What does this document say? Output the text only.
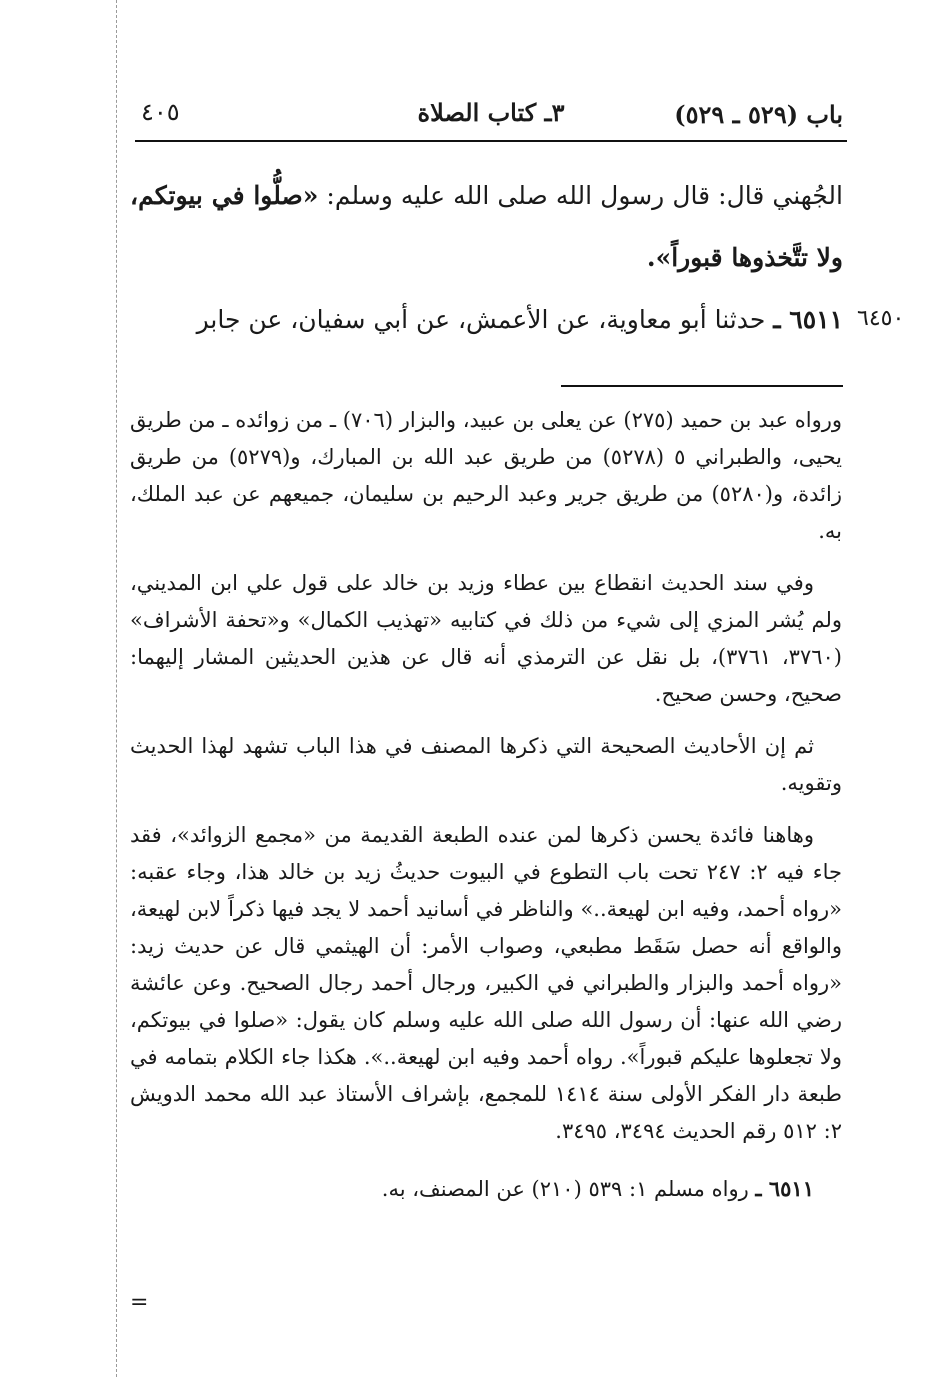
باب (٥٢٩ ـ ٥٢٩)
٣ـ كتاب الصلاة
٤٠٥

الجُهني قال: قال رسول الله صلى الله عليه وسلم: «صلُّوا في بيوتكم، ولا تتَّخذوها قبوراً».

٦٥١١ ـ حدثنا أبو معاوية، عن الأعمش، عن أبي سفيان، عن جابر	٦٤٥٠

ورواه عبد بن حميد (٢٧٥) عن يعلى بن عبيد، والبزار (٧٠٦) ـ من زوائده ـ من طريق يحيى، والطبراني ٥ (٥٢٧٨) من طريق عبد الله بن المبارك، و(٥٢٧٩) من طريق زائدة، و(٥٢٨٠) من طريق جرير وعبد الرحيم بن سليمان، جميعهم عن عبد الملك، به.

وفي سند الحديث انقطاع بين عطاء وزيد بن خالد على قول علي ابن المديني، ولم يُشر المزي إلى شيء من ذلك في كتابيه «تهذيب الكمال» و«تحفة الأشراف» (٣٧٦٠، ٣٧٦١)، بل نقل عن الترمذي أنه قال عن هذين الحديثين المشار إليهما: صحيح، وحسن صحيح.

ثم إن الأحاديث الصحيحة التي ذكرها المصنف في هذا الباب تشهد لهذا الحديث وتقويه.

وهاهنا فائدة يحسن ذكرها لمن عنده الطبعة القديمة من «مجمع الزوائد»، فقد جاء فيه ٢: ٢٤٧ تحت باب التطوع في البيوت حديثُ زيد بن خالد هذا، وجاء عقبه: «رواه أحمد، وفيه ابن لهيعة..» والناظر في أسانيد أحمد لا يجد فيها ذكراً لابن لهيعة، والواقع أنه حصل سَقَط مطبعي، وصواب الأمر: أن الهيثمي قال عن حديث زيد: «رواه أحمد والبزار والطبراني في الكبير، ورجال أحمد رجال الصحيح. وعن عائشة رضي الله عنها: أن رسول الله صلى الله عليه وسلم كان يقول: «صلوا في بيوتكم، ولا تجعلوها عليكم قبوراً». رواه أحمد وفيه ابن لهيعة..». هكذا جاء الكلام بتمامه في طبعة دار الفكر الأولى سنة ١٤١٤ للمجمع، بإشراف الأستاذ عبد الله محمد الدويش ٢: ٥١٢ رقم الحديث ٣٤٩٤، ٣٤٩٥.

٦٥١١ ـ رواه مسلم ١: ٥٣٩ (٢١٠) عن المصنف، به.

=
